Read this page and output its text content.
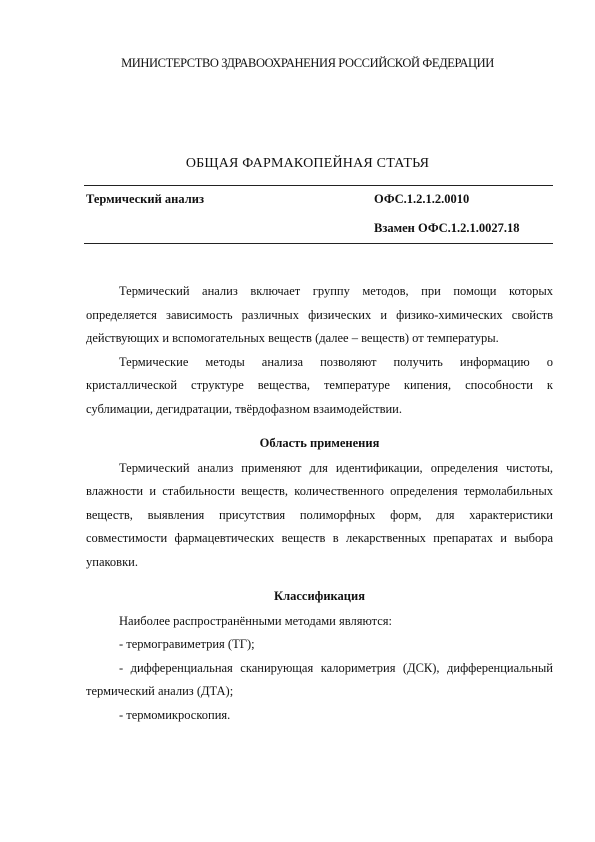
МИНИСТЕРСТВО ЗДРАВООХРАНЕНИЯ РОССИЙСКОЙ ФЕДЕРАЦИИ
ОБЩАЯ ФАРМАКОПЕЙНАЯ СТАТЬЯ
Термический анализ	ОФС.1.2.1.2.0010
Взамен ОФС.1.2.1.0027.18

Термический анализ включает группу методов, при помощи которых определяется зависимость различных физических и физико-химических свойств действующих и вспомогательных веществ (далее – веществ) от температуры.

Термические методы анализа позволяют получить информацию о кристаллической структуре вещества, температуре кипения, способности к сублимации, дегидратации, твёрдофазном взаимодействии.

Область применения

Термический анализ применяют для идентификации, определения чистоты, влажности и стабильности веществ, количественного определения термолабильных веществ, выявления присутствия полиморфных форм, для характеристики совместимости фармацевтических веществ в лекарственных препаратах и выбора упаковки.

Классификация

Наиболее распространёнными методами являются:

- термогравиметрия (ТГ);

- дифференциальная сканирующая калориметрия (ДСК), дифференциальный термический анализ (ДТА);

- термомикроскопия.
